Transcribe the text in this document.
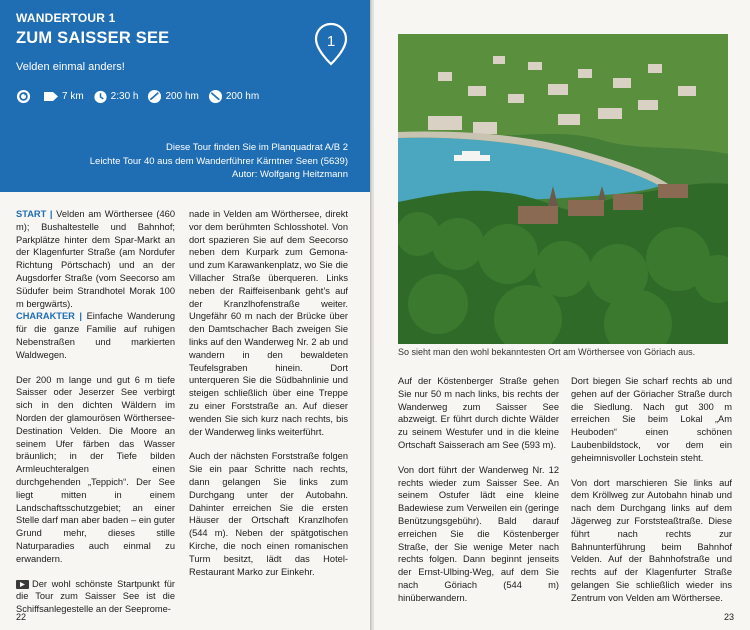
WANDERTOUR 1
ZUM SAISSER SEE
Velden einmal anders!
1
7 km	2:30 h	200 hm	200 hm
Diese Tour finden Sie im Planquadrat A/B 2
Leichte Tour 40 aus dem Wanderführer Kärntner Seen (5639)
Autor: Wolfgang Heitzmann

START | Velden am Wörthersee (460 m); Bushaltestelle und Bahnhof; Parkplätze hinter dem Spar-Markt an der Klagenfurter Straße (am Nordufer Richtung Pörtschach) und an der Augsdorfer Straße (vom Seecorso am Südufer beim Strandhotel Morak 100 m bergwärts).
CHARAKTER | Einfache Wanderung für die ganze Familie auf ruhigen Nebenstraßen und markierten Waldwegen.

Der 200 m lange und gut 6 m tiefe Saisser oder Jeserzer See verbirgt sich in den dichten Wäldern im Norden der glamourösen Wörthersee-Destination Velden. Die Moore an seinem Ufer färben das Wasser bräunlich; in der Tiefe bilden Armleuchteralgen einen durchgehenden „Teppich“. Der See liegt mitten in einem Landschaftsschutzgebiet; an einer Stelle darf man aber baden – ein guter Grund mehr, dieses stille Naturparadies auch einmal zu erwandern.

Der wohl schönste Startpunkt für die Tour zum Saisser See ist die Schiffsanlegestelle an der Seeprome-

nade in Velden am Wörthersee, direkt vor dem berühmten Schlosshotel. Von dort spazieren Sie auf dem Seecorso neben dem Kurpark zum Gemona- und zum Karawankenplatz, wo Sie die Villacher Straße überqueren. Links neben der Raiffeisenbank geht’s auf der Kranzlhofenstraße weiter. Ungefähr 60 m nach der Brücke über den Damtschacher Bach zweigen Sie links auf den Wanderweg Nr. 2 ab und wandern in den bewaldeten Teufelsgraben hinein. Dort unterqueren Sie die Südbahnlinie und steigen schließlich über eine Treppe zu einer Forststraße an. Auf dieser wenden Sie sich kurz nach rechts, bis der Wanderweg links weiterführt.

Auch der nächsten Forststraße folgen Sie ein paar Schritte nach rechts, dann gelangen Sie links zum Durchgang unter der Autobahn. Dahinter erreichen Sie die ersten Häuser der Ortschaft Kranzlhofen (544 m). Neben der spätgotischen Kirche, die noch einen romanischen Turm besitzt, lädt das Hotel-Restaurant Marko zur Einkehr.

22
So sieht man den wohl bekanntesten Ort am Wörthersee von Göriach aus.

Auf der Köstenberger Straße gehen Sie nur 50 m nach links, bis rechts der Wanderweg zum Saisser See abzweigt. Er führt durch dichte Wälder zu seinem Westufer und in die kleine Ortschaft Saisserach am See (593 m).

Von dort führt der Wanderweg Nr. 12 rechts wieder zum Saisser See. An seinem Ostufer lädt eine kleine Badewiese zum Verweilen ein (geringe Benützungsgebühr). Bald darauf erreichen Sie die Köstenberger Straße, der Sie wenige Meter nach rechts folgen. Dann beginnt jenseits der Ernst-Ulbing-Weg, auf dem Sie nach Göriach (544 m) hinüberwandern.

Dort biegen Sie scharf rechts ab und gehen auf der Göriacher Straße durch die Siedlung. Nach gut 300 m erreichen Sie beim Lokal „Am Heuboden“ einen schönen Laubenbildstock, vor dem ein geheimnisvoller Lochstein steht.

Von dort marschieren Sie links auf dem Kröllweg zur Autobahn hinab und nach dem Durchgang links auf dem Jägerweg zur Forststeaßtraße. Diese führt nach rechts zur Bahnunterführung beim Bahnhof Velden. Auf der Bahnhofstraße und rechts auf der Klagenfurter Straße gelangen Sie schließlich wieder ins Zentrum von Velden am Wörthersee.

23
